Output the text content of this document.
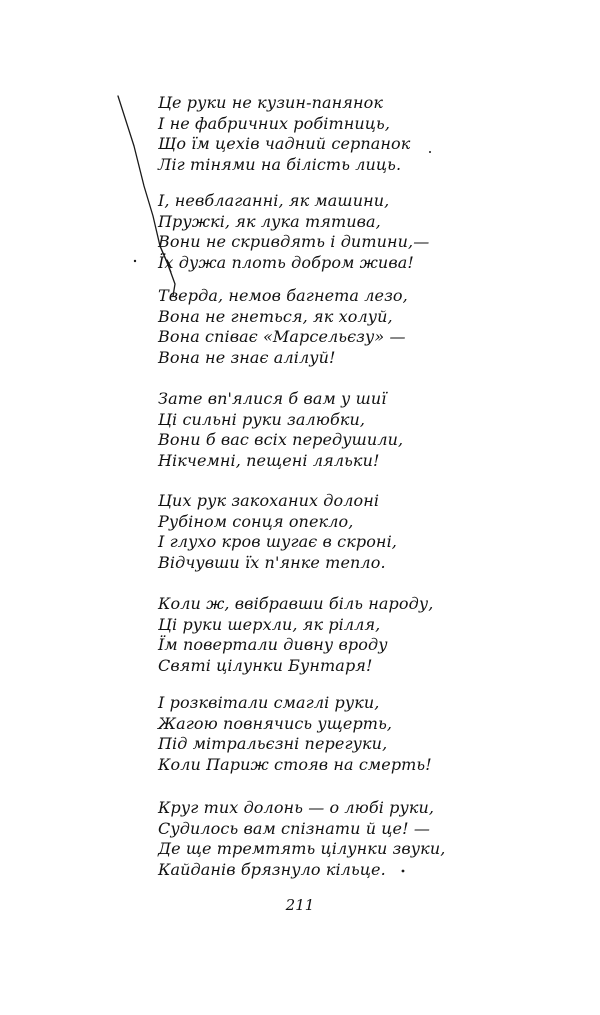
Це руки не кузин-панянок
І не фабричних робітниць,
Що їм цехів чадний серпанок
Ліг тінями на білість лиць.
І, невблаганні, як машини,
Пружкі, як лука тятива,
Вони не скривдять і дитини,—
Їх дужа плоть добром жива!
Тверда, немов багнета лезо,
Вона не гнеться, як холуй,
Вона співає «Марсельєзу» —
Вона не знає алілуй!
Зате вп'ялися б вам у шиї
Ці сильні руки залюбки,
Вони б вас всіх передушили,
Нікчемні, пещені ляльки!
Цих рук закоханих долоні
Рубіном сонця опекло,
І глухо кров шугає в скроні,
Відчувши їх п'янке тепло.
Коли ж, ввібравши біль народу,
Ці руки шерхли, як рілля,
Їм повертали дивну вроду
Святі цілунки Бунтаря!
І розквітали смаглі руки,
Жагою повнячись ущерть,
Під мітральєзні перегуки,
Коли Париж стояв на смерть!
Круг тих долонь — о любі руки,
Судилось вам спізнати й це! —
Де ще тремтять цілунки звуки,
Кайданів брязнуло кільце.
211
